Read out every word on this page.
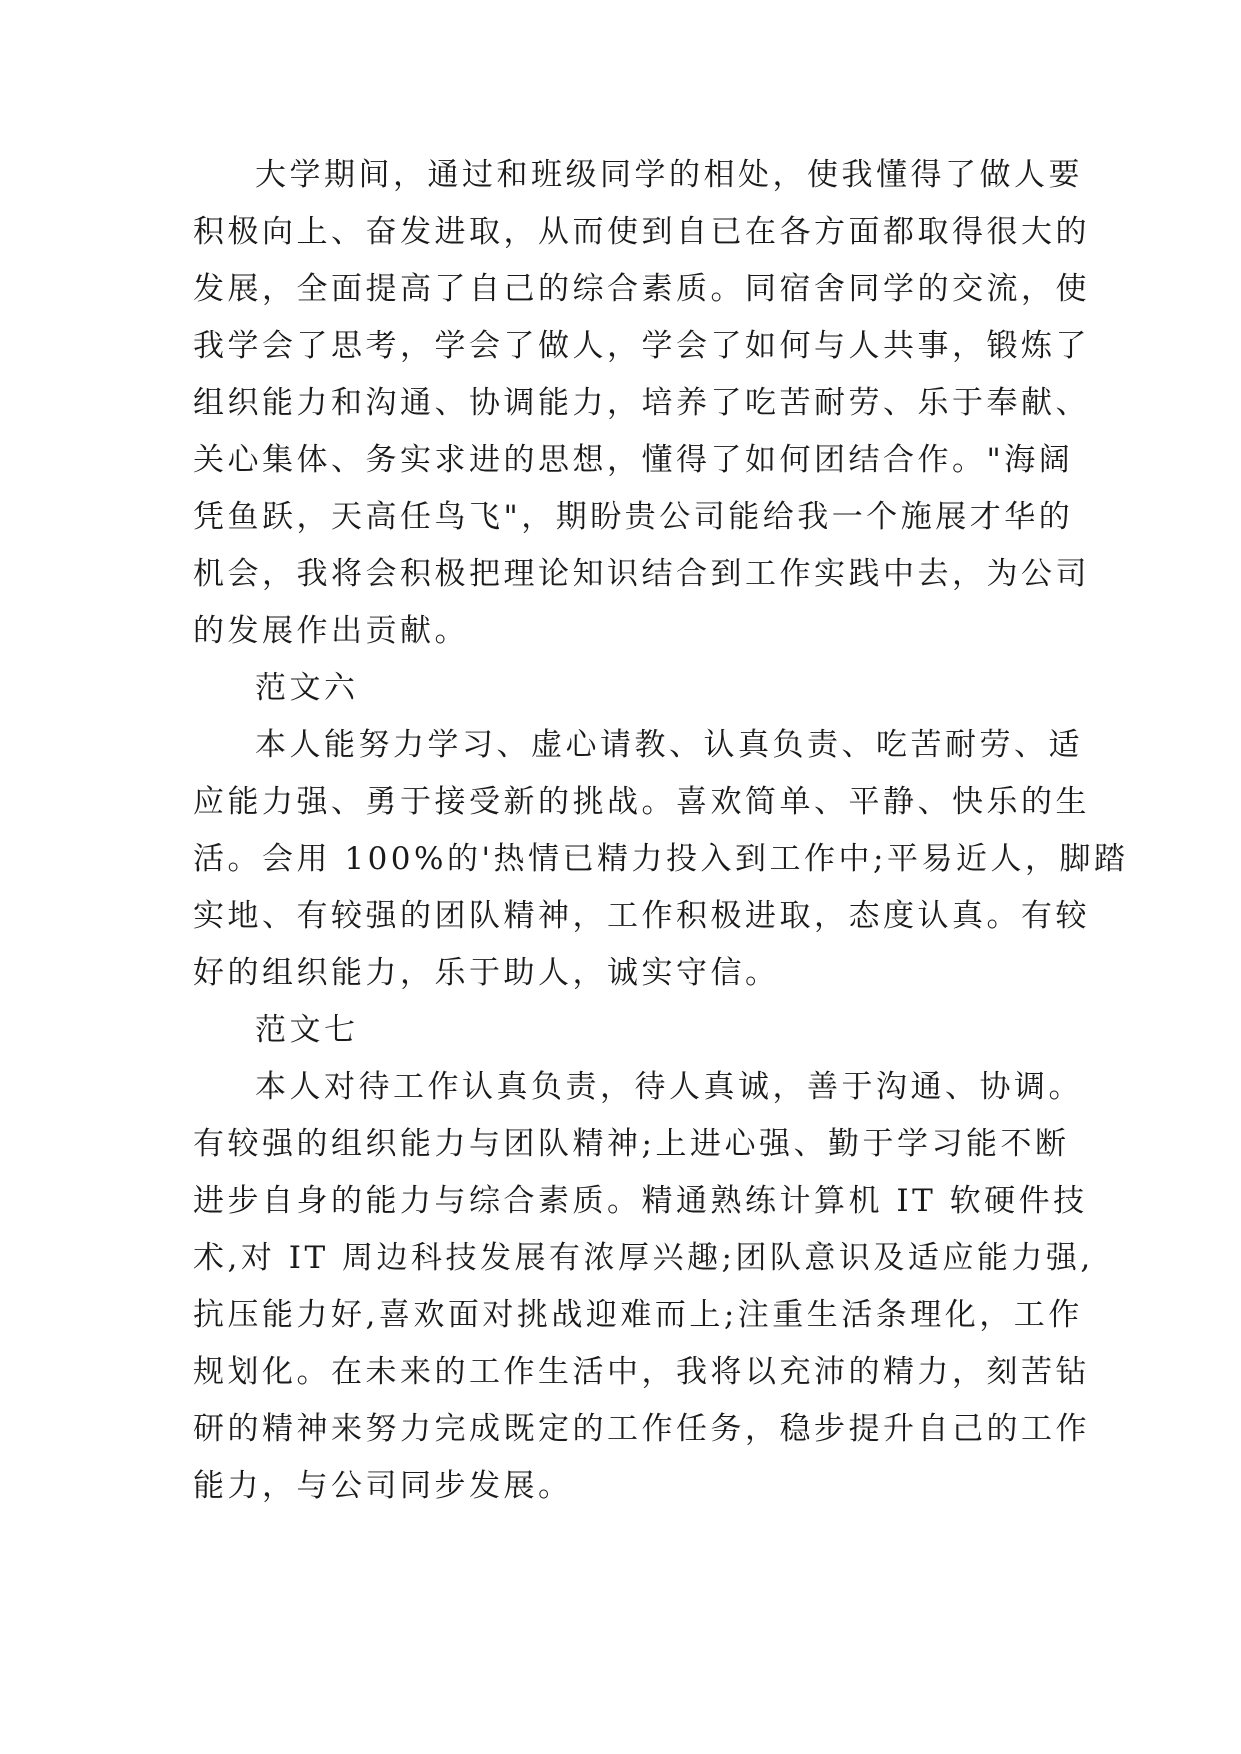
大学期间，通过和班级同学的相处，使我懂得了做人要
积极向上、奋发进取，从而使到自已在各方面都取得很大的
发展，全面提高了自己的综合素质。同宿舍同学的交流，使
我学会了思考，学会了做人，学会了如何与人共事，锻炼了
组织能力和沟通、协调能力，培养了吃苦耐劳、乐于奉献、
关心集体、务实求进的思想，懂得了如何团结合作。"海阔
凭鱼跃，天高任鸟飞"，期盼贵公司能给我一个施展才华的
机会，我将会积极把理论知识结合到工作实践中去，为公司
的发展作出贡献。
范文六
本人能努力学习、虚心请教、认真负责、吃苦耐劳、适
应能力强、勇于接受新的挑战。喜欢简单、平静、快乐的生
活。会用 100%的'热情已精力投入到工作中;平易近人，脚踏
实地、有较强的团队精神，工作积极进取，态度认真。有较
好的组织能力，乐于助人，诚实守信。
范文七
本人对待工作认真负责，待人真诚，善于沟通、协调。
有较强的组织能力与团队精神;上进心强、勤于学习能不断
进步自身的能力与综合素质。精通熟练计算机 IT 软硬件技
术,对 IT 周边科技发展有浓厚兴趣;团队意识及适应能力强,
抗压能力好,喜欢面对挑战迎难而上;注重生活条理化，工作
规划化。在未来的工作生活中，我将以充沛的精力，刻苦钻
研的精神来努力完成既定的工作任务，稳步提升自己的工作
能力，与公司同步发展。
